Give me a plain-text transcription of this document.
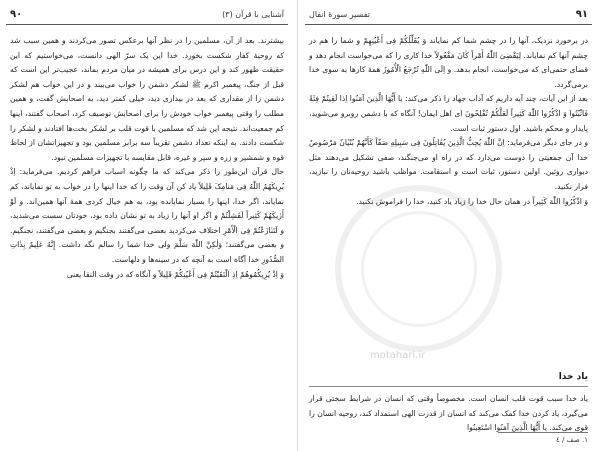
٩٠	آشنایی با قرآن (٣)

بیشترند. بعد از آن، مسلمین را در نظر آنها برعکس تصور می‌کردند و همین سبب شد که روحیهٔ کفار شکست بخورد. خدا این یک سرّ الهی دانست، می‌خواستیم که این حقیقت ظهور کند و این درس برای همیشه در میان مردم بماند، عجیب‌تر این است که قبل از جنگ، پیغمبر اکرم ﷺ لشکر دشمن را خواب می‌بیند و در این خواب هم لشکر دشمن را از مقداری که بعد در بیداری دید، خیلی کمتر دید، به اصحابش گفت، و همین مطلب را وقتی پیغمبر خواب خودش را برای اصحابش توصیف کرد، اصحاب گفتند، اینها کم جمعیت‌اند. نتیجه این شد که مسلمین با قوت قلب بر لشکر بخت‌ها افتادند و لشکر را شکست دادند. به اینکه تعداد دشمن تقریباً سه برابر مسلمین بود و تجهیزاتشان از لحاظ قوه و شمشیر و زره و سپر و غیره، قابل مقایسه با تجهیزات مسلمین نبود.

حال قرآن این‌طور را ذکر می‌کند که ما چگونه اسباب فراهم کردیم. می‌فرماید: اِذْ یُرِیکَهُمُ اللّٰهُ فِی مَنامِکَ قَلِیلاً یاد کن آن وقت را که خدا اینها را در خواب به تو نمایاند، کم نمایاند، اگر خدا، اینها را بسیار نمایانده بود، به هم خیال کردی همهٔ آنها همین‌اند. و لَوْ أَرٰیکَهُمْ کَثِیراً لَفَشِلْتُمْ و اگر او آنها را زیاد به تو نشان داده بود، خودتان سست می‌شدید، و لَتَنٰازَعْتُمْ فِی الْأَمْرِ اختلاف می‌کردید بعضی می‌گفتند بجنگیم و بعضی می‌گفتند، نجنگیم. و بعضی می‌گفتند؛ وَلٰکِنَّ اللّٰهَ سَلَّمَ ولی خدا شما را سالم نگه داشت. إِنَّهُ عَلِیمٌ بِذٰاتِ الصُّدُورِ خدا آگاه است به آنچه که در سینه‌ها و دلهاست.

وَ اِذْ یُرِیکُمُوهُمْ اِذِ الْتَقَیْتُمْ فِی أَعْیُنِکُمْ قَلِیلاً و آنگاه که در وقت التقا یعنی

٩١
تفسیر سورهٔ انفال

در برخورد نزدیک، آنها را در چشم شما کم نمایاند وَ یُقَلِّلُکُمْ فِی أَعْیُنِهِمْ و شما را هم در چشم آنها کم نمایاند. لِیَقْضِیَ اللّٰهُ أَمْراً کٰانَ مَفْعُولاً خدا کاری را که می‌خواست انجام دهد و قضای حتمی‌ای که می‌خواست، انجام بدهد. و اِلَی اللّٰهِ تُرْجَعُ الْأُمُورُ همهٔ کارها به سوی خدا برمی‌گردد.

بعد از این آیات، چند آیه داریم که آداب جهاد را ذکر می‌کند: یا أَیُّهَا الَّذِینَ آمَنُوا اِذا لَقِیتُمْ فِئَةً فَاثْبُتُوا وَ اذْکُرُوا اللّٰهَ کَثِیراً لَعَلَّکُمْ تُفْلِحُونَ ای اهل ایمان! آنگاه که با دشمن روبرو می‌شوید، پایدار و محکم باشید. اول دستور ثبات است.

و در جای دیگر می‌فرماید: اِنَّ اللّٰهَ یُحِبُّ الَّذِینَ یُقٰاتِلُونَ فِی سَبِیلِهِ صَفّاً کَأَنَّهُمْ بُنْیٰانٌ مَرْصُوصٌ خدا آن جمعیتی را دوست می‌دارد که در راه او می‌جنگند، صفی تشکیل می‌دهند مثل دیواری روئین. اولین دستور، ثبات است و استقامت. مواظب باشید روحیه‌تان را نبازید، فرار نکنید.

وَ اذْکُرُوا اللّٰهَ کَثِیراً در همان حال خدا را زیاد یاد کنید، خدا را فراموش نکنید.

یاد خدا

یاد خدا سبب قوت قلب انسان است. مخصوصاً وقتی که انسان در شرایط سختی قرار می‌گیرد، یاد کردن خدا کمک می‌کند که انسان از قدرت الهی استمداد کند، روحیه انسان را قوی می‌کند. یا أَیُّهَا الَّذِینَ آمَنُوا اسْتَعِینُوا

١. صف / ٤
motahari.ir
